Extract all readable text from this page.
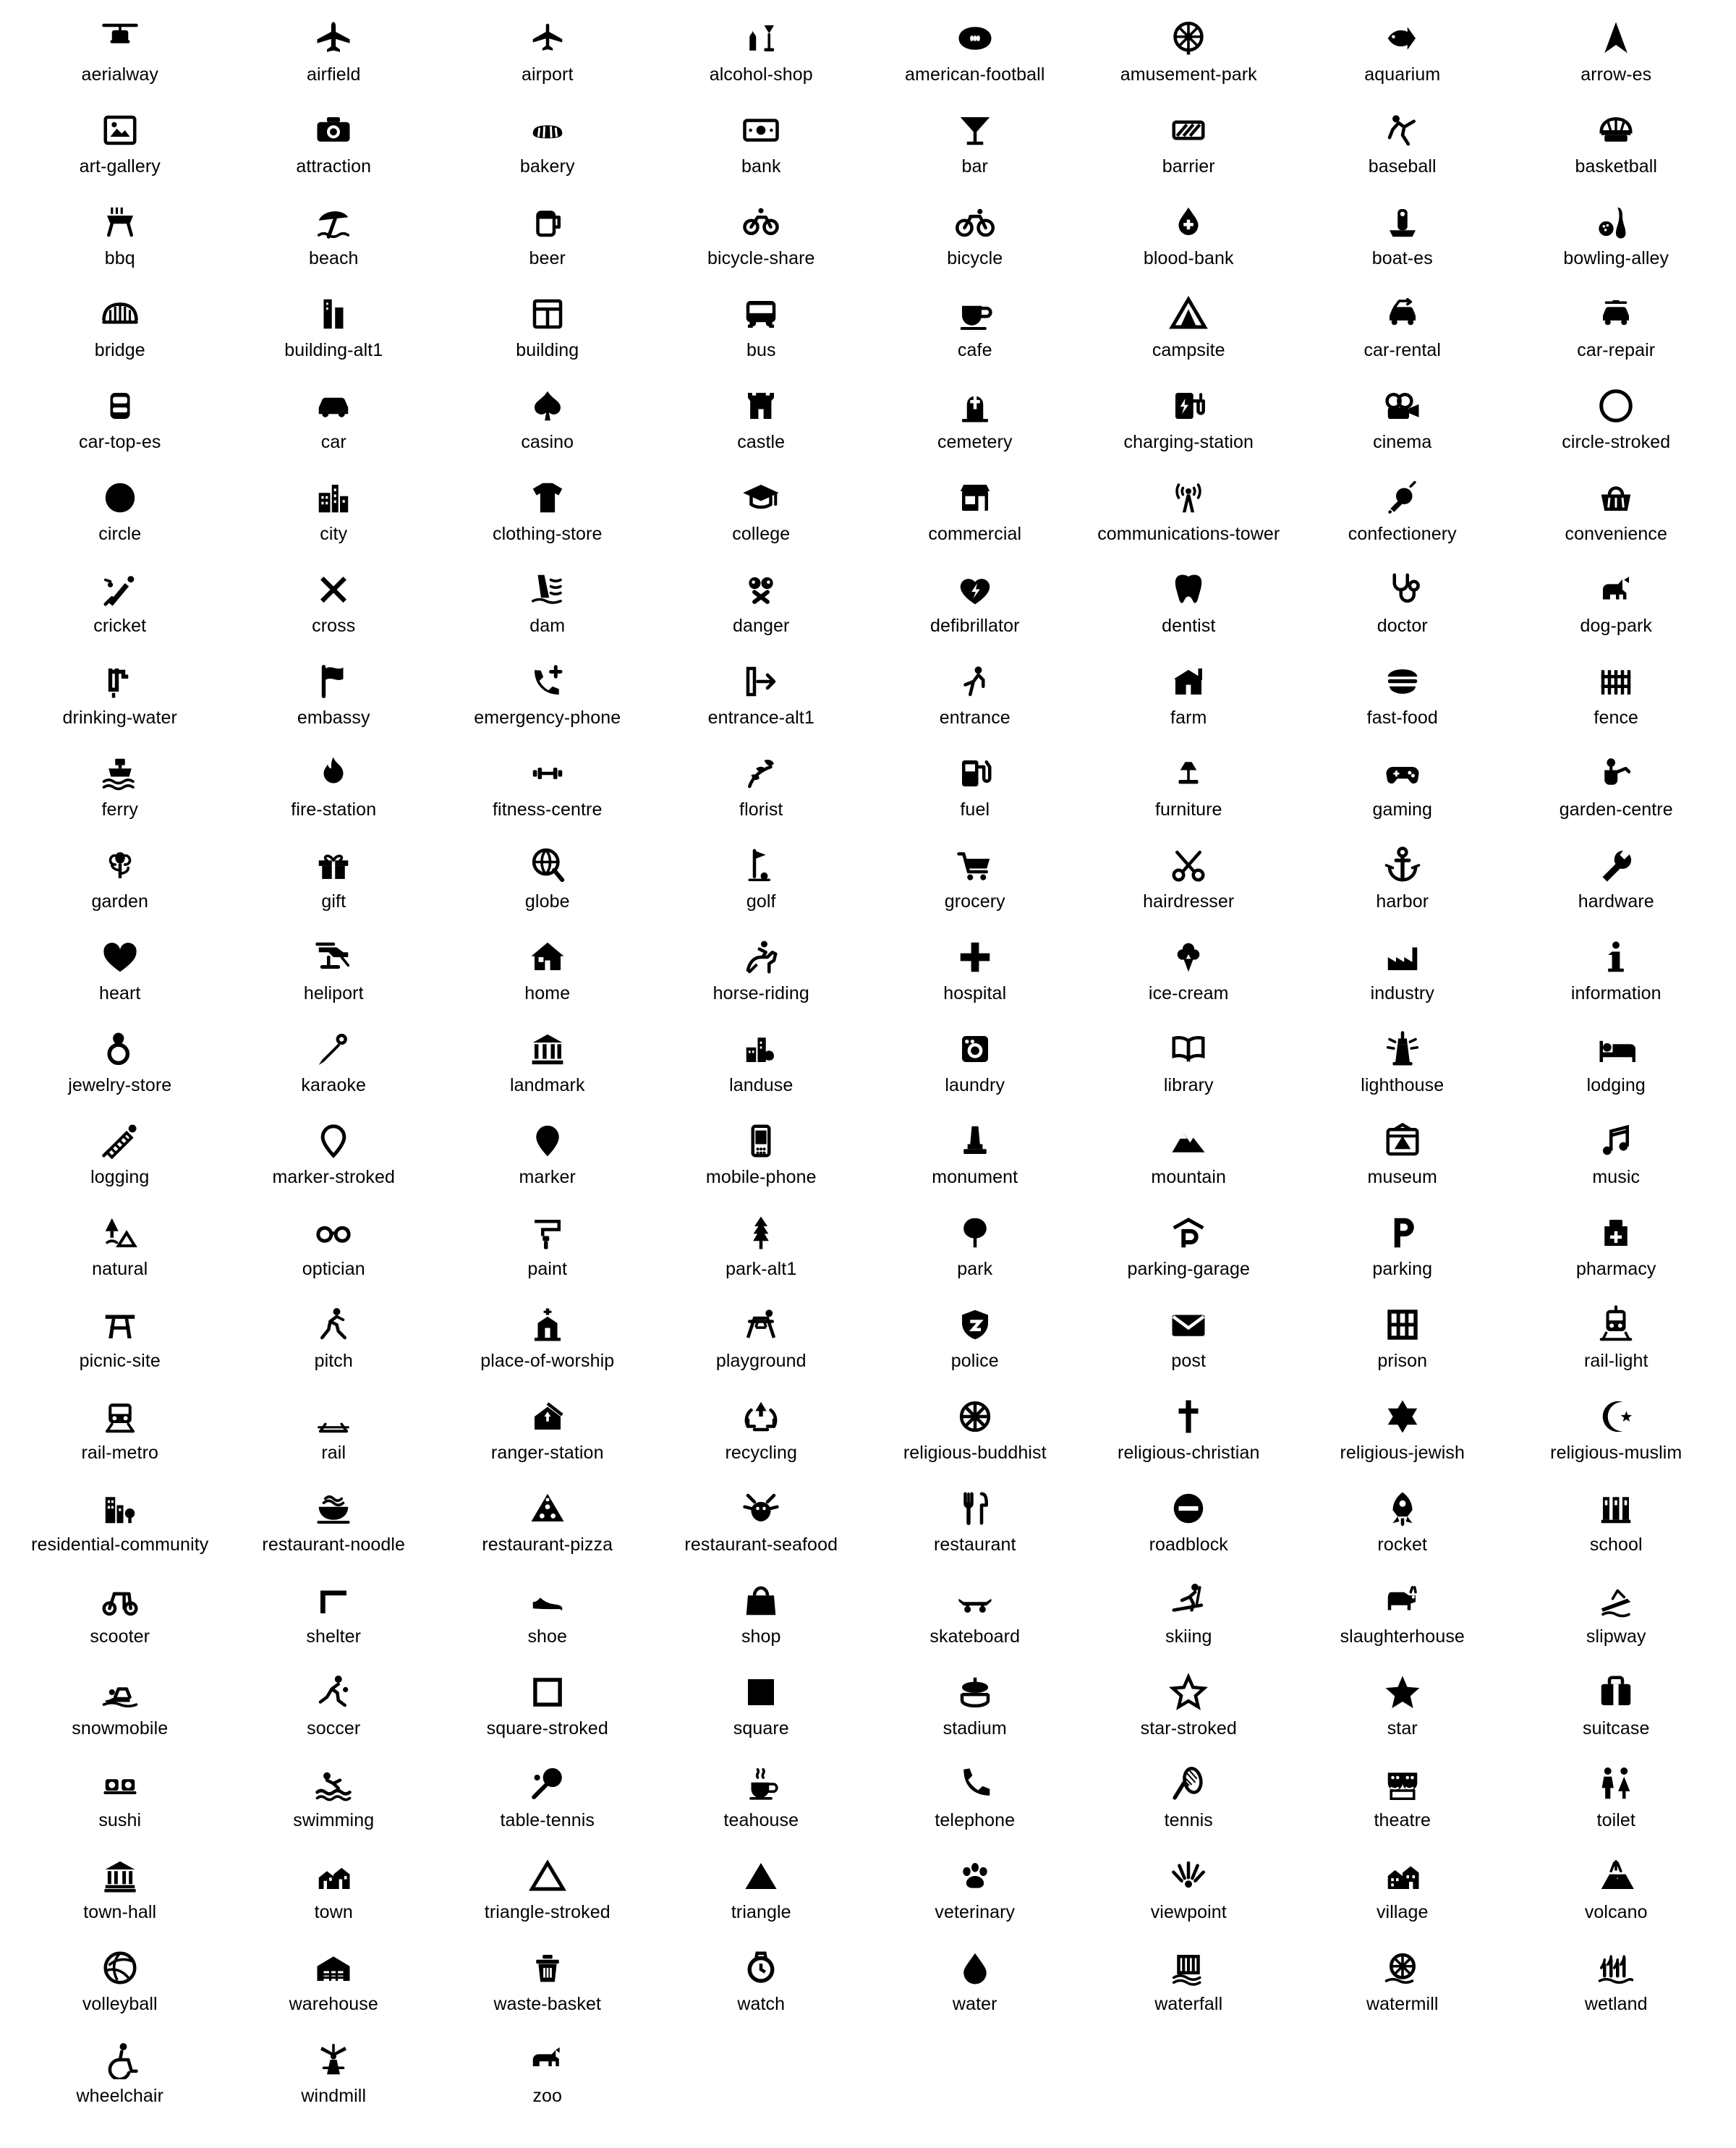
aerialway	airfield	airport	alcohol-shop	american-football	amusement-park	aquarium	arrow-es
art-gallery	attraction	bakery	bank	bar	barrier	baseball	basketball
bbq	beach	beer	bicycle-share	bicycle	blood-bank	boat-es	bowling-alley
bridge	building-alt1	building	bus	cafe	campsite	car-rental	car-repair
car-top-es	car	casino	castle	cemetery	charging-station	cinema	circle-stroked
circle	city	clothing-store	college	commercial	communications-tower	confectionery	convenience
cricket	cross	dam	danger	defibrillator	dentist	doctor	dog-park
drinking-water	embassy	emergency-phone	entrance-alt1	entrance	farm	fast-food	fence
ferry	fire-station	fitness-centre	florist	fuel	furniture	gaming	garden-centre
garden	gift	globe	golf	grocery	hairdresser	harbor	hardware
heart	heliport	home	horse-riding	hospital	ice-cream	industry	information
jewelry-store	karaoke	landmark	landuse	laundry	library	lighthouse	lodging
logging	marker-stroked	marker	mobile-phone	monument	mountain	museum	music
natural	optician	paint	park-alt1	park	parking-garage	parking	pharmacy
picnic-site	pitch	place-of-worship	playground	police	post	prison	rail-light
rail-metro	rail	ranger-station	recycling	religious-buddhist	religious-christian	religious-jewish	religious-muslim
residential-community	restaurant-noodle	restaurant-pizza	restaurant-seafood	restaurant	roadblock	rocket	school
scooter	shelter	shoe	shop	skateboard	skiing	slaughterhouse	slipway
snowmobile	soccer	square-stroked	square	stadium	star-stroked	star	suitcase
sushi	swimming	table-tennis	teahouse	telephone	tennis	theatre	toilet
town-hall	town	triangle-stroked	triangle	veterinary	viewpoint	village	volcano
volleyball	warehouse	waste-basket	watch	water	waterfall	watermill	wetland
wheelchair	windmill	zoo
